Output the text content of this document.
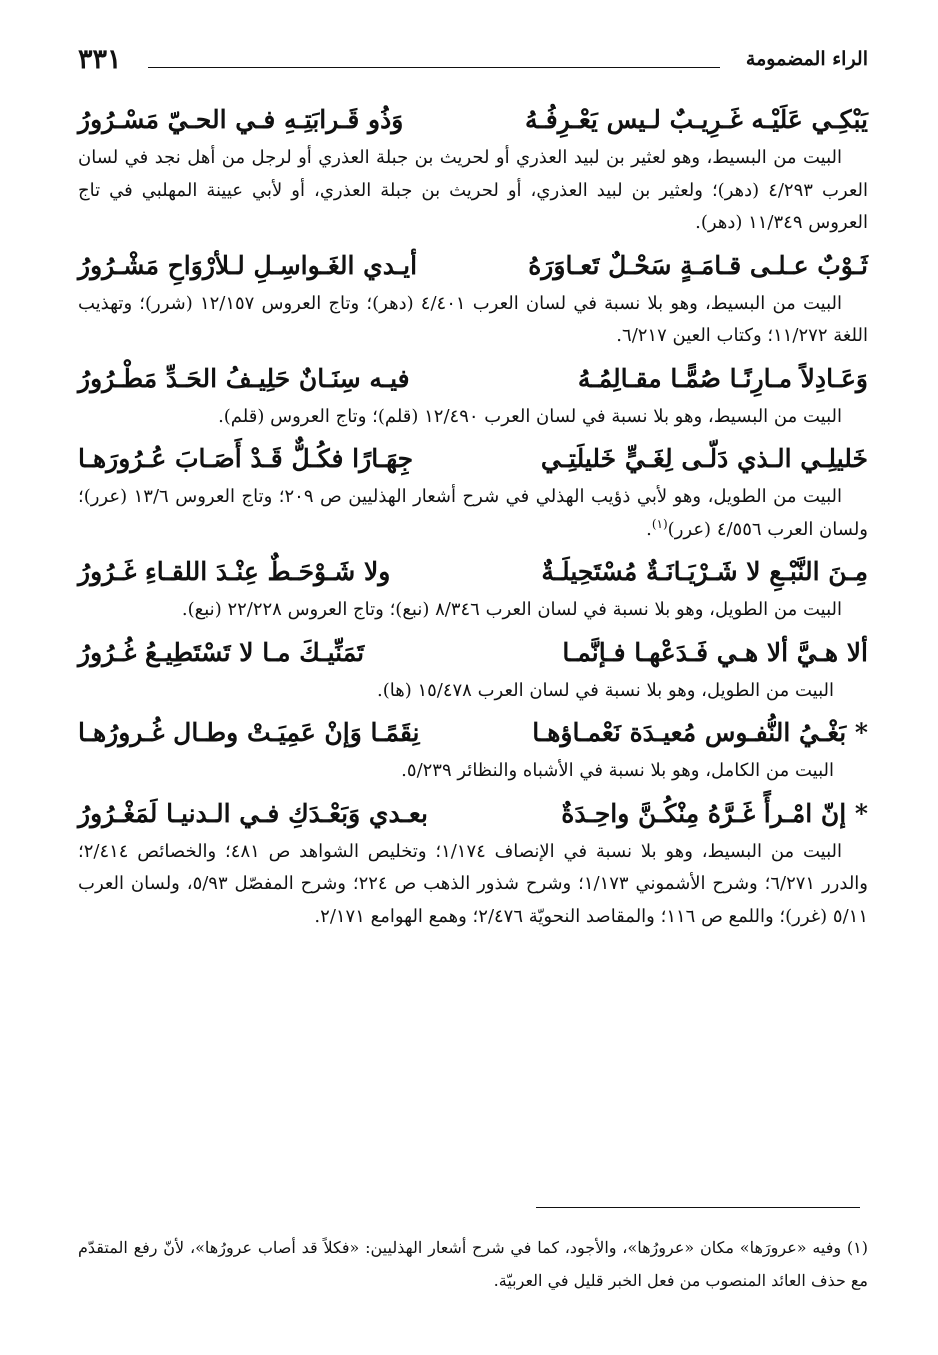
الراء المضمومة
٣٣١
يَبْكِـي عَلَيْـه غَـرِيـبٌ لـيس يَعْـرِفُـهُ
وَذُو قَـرابَتِـهِ فـي الحـيّ مَسْـرُورُ

البيت من البسيط، وهو لعثير بن لبيد العذري أو لحريث بن جبلة العذري أو لرجل من أهل نجد في لسان العرب ٤/٢٩٣ (دهر)؛ ولعثير بن لبيد العذري، أو لحريث بن جبلة العذري، أو لأبي عيينة المهلبي في تاج العروس ١١/٣٤٩ (دهر).

ثَـوْبٌ عـلـى قـامَـةٍ سَحْـلٌ تَعـاوَرَهُ
أيـدي الغَـواسِـلِ لـلأرْوَاحِ مَشْـرُورُ

البيت من البسيط، وهو بلا نسبة في لسان العرب ٤/٤٠١ (دهر)؛ وتاج العروس ١٢/١٥٧ (شرر)؛ وتهذيب اللغة ١١/٢٧٢؛ وكتاب العين ٦/٢١٧.

وَعَـادِلاً مـارِنًـا صُمًّـا مقـالِمُـهُ
فيـه سِنَـانٌ حَلِيـفُ الحَـدِّ مَطْـرُورُ

البيت من البسيط، وهو بلا نسبة في لسان العرب ١٢/٤٩٠ (قلم)؛ وتاج العروس (قلم).

خَليلِـي الـذي دَلّـى لِغَـيٍّ خَليلَتِـي
جِهَـارًا فكُـلٌّ قَـدْ أَصَـابَ عُـرُورَهـا

البيت من الطويل، وهو لأبي ذؤيب الهذلي في شرح أشعار الهذليين ص ٢٠٩؛ وتاج العروس ١٣/٦ (عرر)؛ ولسان العرب ٤/٥٥٦ (عرر)$^{(١)}$.

مِـنَ النَّبْـعِ لا شَـرْيَـانَـةٌ مُسْتَحِيلَـةٌ
ولا شَـوْحَـطٌ عِنْـدَ اللقـاءِ غَـرُورُ

البيت من الطويل، وهو بلا نسبة في لسان العرب ٨/٣٤٦ (نبع)؛ وتاج العروس ٢٢/٢٢٨ (نبع).

ألا هـيَّ ألا هـي فَـدَعْهـا فـإنَّمـا
تَمَنِّيـكَ مـا لا تَسْتَطِيـعُ غُـرُورُ

البيت من الطويل، وهو بلا نسبة في لسان العرب ١٥/٤٧٨ (ها).

* بَغْـيُ النُّفـوس مُعيـدَة نَعْمـاؤهـا
نِقَمًـا وَإنْ عَمِيَـتْ وطـال غُـرورُهـا

البيت من الكامل، وهو بلا نسبة في الأشباه والنظائر ٥/٢٣٩.

* إنّ امْـرأً غَـرَّهُ مِنْكُـنَّ واحِـدَةٌ
بعـدي وَبَعْـدَكِ فـي الـدنيـا لَمَغْـرُورُ

البيت من البسيط، وهو بلا نسبة في الإنصاف ١/١٧٤؛ وتخليص الشواهد ص ٤٨١؛ والخصائص ٢/٤١٤؛ والدرر ٦/٢٧١؛ وشرح الأشموني ١/١٧٣؛ وشرح شذور الذهب ص ٢٢٤؛ وشرح المفصّل ٥/٩٣، ولسان العرب ٥/١١ (غرر)؛ واللمع ص ١١٦؛ والمقاصد النحويّة ٢/٤٧٦؛ وهمع الهوامع ٢/١٧١.

(١) وفيه «عرورَها» مكان «عرورُها»، والأجود، كما في شرح أشعار الهذليين: «فكلاً قد أصاب عرورُها»، لأنّ رفع المتقدّم مع حذف العائد المنصوب من فعل الخبر قليل في العربيّة.
